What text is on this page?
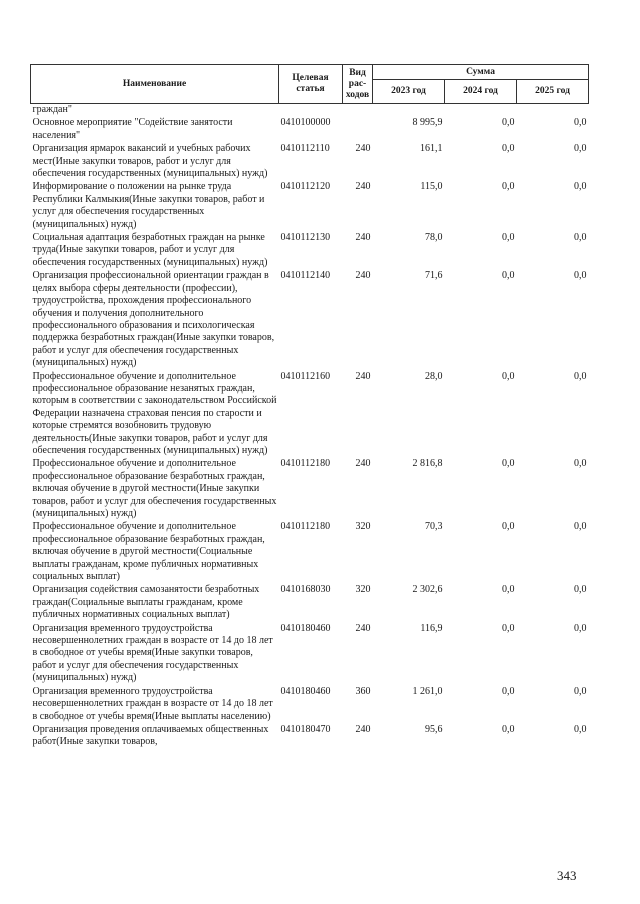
Наименование	Целевая статья	Вид рас-ходов	Сумма		
			2023 год	2024 год	2025 год
граждан"					
Основное мероприятие "Содействие занятости населения"	0410100000		8 995,9	0,0	0,0
Организация ярмарок вакансий и учебных рабочих мест(Иные закупки товаров, работ и услуг для обеспечения государственных (муниципальных) нужд)	0410112110	240	161,1	0,0	0,0
Информирование о положении на рынке труда Республики Калмыкия(Иные закупки товаров, работ и услуг для обеспечения государственных (муниципальных) нужд)	0410112120	240	115,0	0,0	0,0
Социальная адаптация безработных граждан на рынке труда(Иные закупки товаров, работ и услуг для обеспечения государственных (муниципальных) нужд)	0410112130	240	78,0	0,0	0,0
Организация профессиональной ориентации граждан в целях выбора сферы деятельности (профессии), трудоустройства, прохождения профессионального обучения и получения дополнительного профессионального образования и психологическая поддержка безработных граждан(Иные закупки товаров, работ и услуг для обеспечения государственных (муниципальных) нужд)	0410112140	240	71,6	0,0	0,0
Профессиональное обучение и дополнительное профессиональное образование незанятых граждан, которым в соответствии с законодательством Российской Федерации назначена страховая пенсия по старости и которые стремятся возобновить трудовую деятельность(Иные закупки товаров, работ и услуг для обеспечения государственных (муниципальных) нужд)	0410112160	240	28,0	0,0	0,0
Профессиональное обучение и дополнительное профессиональное образование безработных граждан, включая обучение в другой местности(Иные закупки товаров, работ и услуг для обеспечения государственных (муниципальных) нужд)	0410112180	240	2 816,8	0,0	0,0
Профессиональное обучение и дополнительное профессиональное образование безработных граждан, включая обучение в другой местности(Социальные выплаты гражданам, кроме публичных нормативных социальных выплат)	0410112180	320	70,3	0,0	0,0
Организация содействия самозанятости безработных граждан(Социальные выплаты гражданам, кроме публичных нормативных социальных выплат)	0410168030	320	2 302,6	0,0	0,0
Организация временного трудоустройства несовершеннолетних граждан в возрасте от 14 до 18 лет в свободное от учебы время(Иные закупки товаров, работ и услуг для обеспечения государственных (муниципальных) нужд)	0410180460	240	116,9	0,0	0,0
Организация временного трудоустройства несовершеннолетних граждан в возрасте от 14 до 18 лет в свободное от учебы время(Иные выплаты населению)	0410180460	360	1 261,0	0,0	0,0
Организация проведения оплачиваемых общественных работ(Иные закупки товаров,	0410180470	240	95,6	0,0	0,0
343
